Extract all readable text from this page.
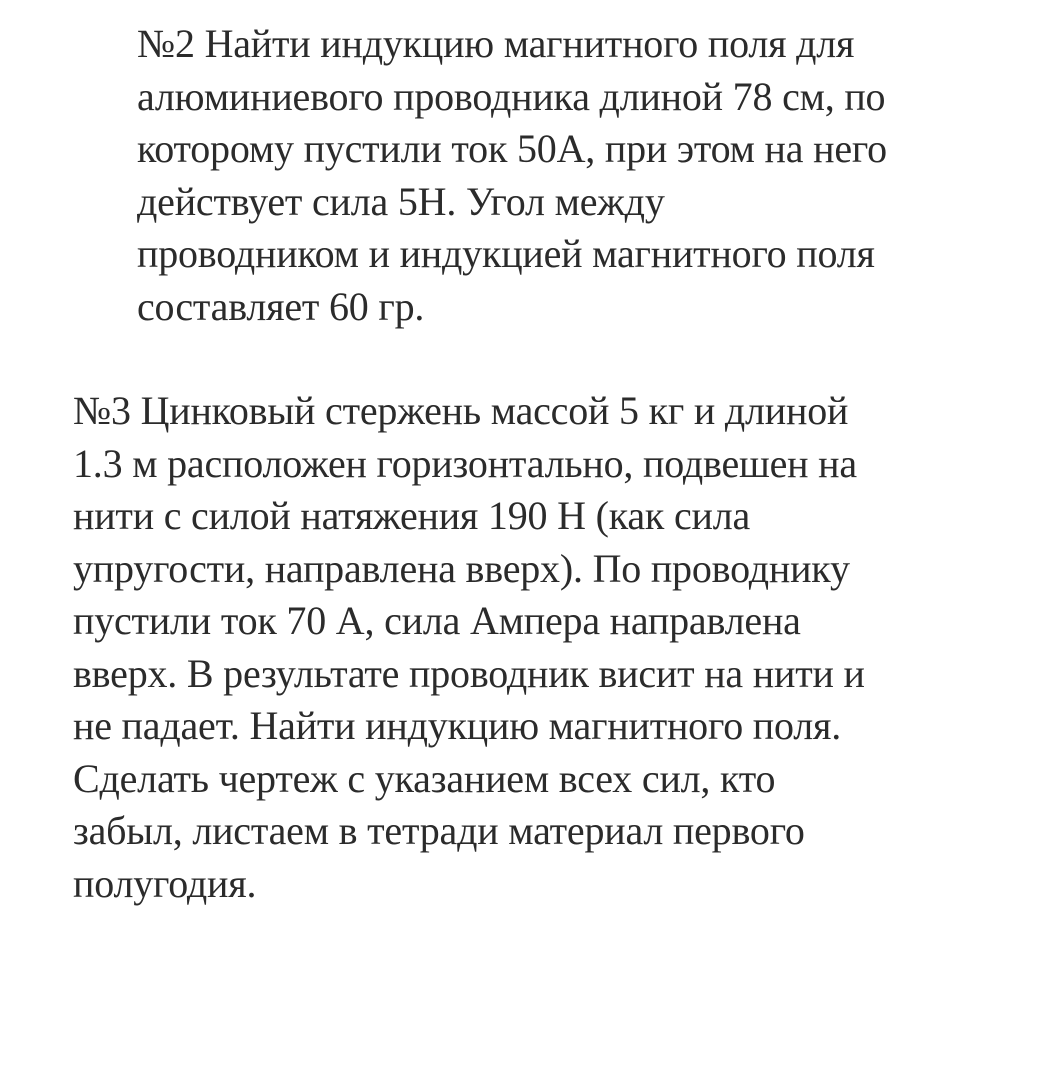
№2 Найти индукцию магнитного поля для
алюминиевого проводника длиной 78 см, по
которому пустили ток 50А, при этом на него
действует сила 5Н. Угол между
проводником и индукцией магнитного поля
составляет 60 гр.
№3 Цинковый стержень массой 5 кг и длиной
1.3 м расположен горизонтально, подвешен на
нити с силой натяжения 190 Н (как сила
упругости, направлена вверх). По проводнику
пустили ток 70 А, сила Ампера направлена
вверх. В результате проводник висит на нити и
не падает. Найти индукцию магнитного поля.
Сделать чертеж с указанием всех сил, кто
забыл, листаем в тетради материал первого
полугодия.
